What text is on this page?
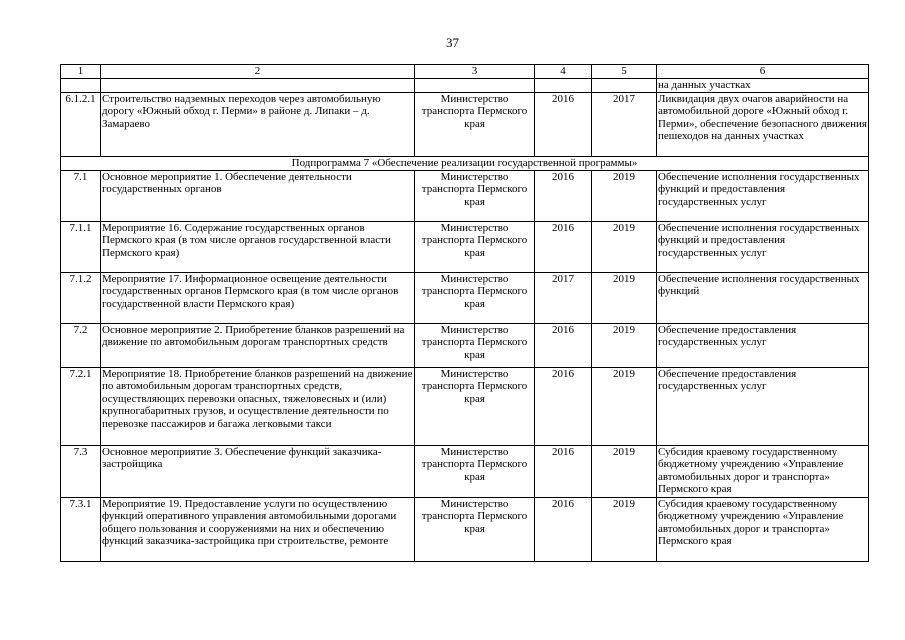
37
1	2	3	4	5	6
					на данных участках
6.1.2.1	Строительство надземных переходов через автомобильную дорогу «Южный обход г. Перми» в районе д. Липаки – д. Замараево	Министерство транспорта Пермского края	2016	2017	Ликвидация двух очагов аварийности на автомобильной дороге «Южный обход г. Перми», обеспечение безопасного движения пешеходов на данных участках
Подпрограмма 7 «Обеспечение реализации государственной программы»					
7.1	Основное мероприятие 1. Обеспечение деятельности государственных органов	Министерство транспорта Пермского края	2016	2019	Обеспечение исполнения государственных функций и предоставления государственных услуг
7.1.1	Мероприятие 16. Содержание государственных органов Пермского края (в том числе органов государственной власти Пермского края)	Министерство транспорта Пермского края	2016	2019	Обеспечение исполнения государственных функций и предоставления государственных услуг
7.1.2	Мероприятие 17. Информационное освещение деятельности государственных органов Пермского края (в том числе органов государственной власти Пермского края)	Министерство транспорта Пермского края	2017	2019	Обеспечение исполнения государственных функций
7.2	Основное мероприятие 2. Приобретение бланков разрешений на движение по автомобильным дорогам транспортных средств	Министерство транспорта Пермского края	2016	2019	Обеспечение предоставления государственных услуг
7.2.1	Мероприятие 18. Приобретение бланков разрешений на движение по автомобильным дорогам транспортных средств, осуществляющих перевозки опасных, тяжеловесных и (или) крупногабаритных грузов, и осуществление деятельности по перевозке пассажиров и багажа легковыми такси	Министерство транспорта Пермского края	2016	2019	Обеспечение предоставления государственных услуг
7.3	Основное мероприятие 3. Обеспечение функций заказчика-застройщика	Министерство транспорта Пермского края	2016	2019	Субсидия краевому государственному бюджетному учреждению «Управление автомобильных дорог и транспорта» Пермского края
7.3.1	Мероприятие 19. Предоставление услуги по осуществлению функций оперативного управления автомобильными дорогами общего пользования и сооружениями на них и обеспечению функций заказчика-застройщика при строительстве, ремонте	Министерство транспорта Пермского края	2016	2019	Субсидия краевому государственному бюджетному учреждению «Управление автомобильных дорог и транспорта» Пермского края
